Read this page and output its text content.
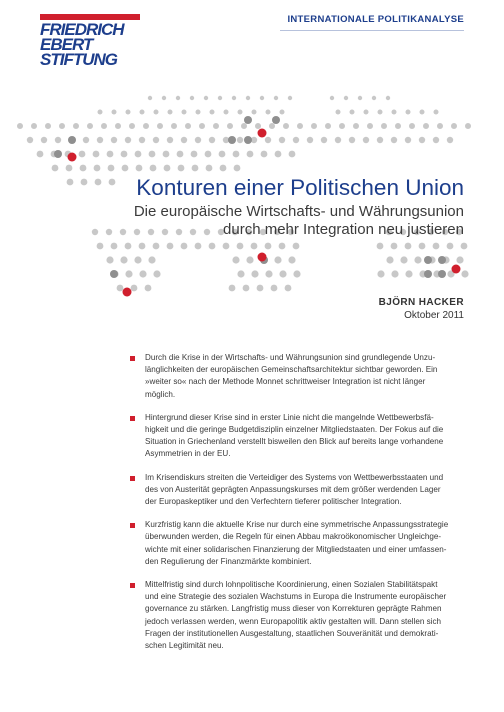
FRIEDRICH
EBERT
STIFTUNG
INTERNATIONALE POLITIKANALYSE
Konturen einer Politischen Union
Die europäische Wirtschafts- und Währungsunion
durch mehr Integration neu justieren
BJÖRN HACKER
Oktober 2011

Durch die Krise in der Wirtschafts- und Währungsunion sind grundlegende Unzu-
länglichkeiten der europäischen Gemeinschaftsarchitektur sichtbar geworden. Ein
»weiter so« nach der Methode Monnet schrittweiser Integration ist nicht länger
möglich.

Hintergrund dieser Krise sind in erster Linie nicht die mangelnde Wettbewerbsfä-
higkeit und die geringe Budgetdisziplin einzelner Mitgliedstaaten. Der Fokus auf die
Situation in Griechenland verstellt bisweilen den Blick auf bereits lange vorhandene
Asymmetrien in der EU.

Im Krisendiskurs streiten die Verteidiger des Systems von Wettbewerbsstaaten und
des von Austerität geprägten Anpassungskurses mit dem größer werdenden Lager
der Europaskeptiker und den Verfechtern tieferer politischer Integration.

Kurzfristig kann die aktuelle Krise nur durch eine symmetrische Anpassungsstrategie
überwunden werden, die Regeln für einen Abbau makroökonomischer Ungleichge-
wichte mit einer solidarischen Finanzierung der Mitgliedstaaten und einer umfassen-
den Regulierung der Finanzmärkte kombiniert.

Mittelfristig sind durch lohnpolitische Koordinierung, einen Sozialen Stabilitätspakt
und eine Strategie des sozialen Wachstums in Europa die Instrumente europäischer
governance zu stärken. Langfristig muss dieser von Korrekturen geprägte Rahmen
jedoch verlassen werden, wenn Europapolitik aktiv gestalten will. Dann stellen sich
Fragen der institutionellen Ausgestaltung, staatlichen Souveränität und demokrati-
schen Legitimität neu.
